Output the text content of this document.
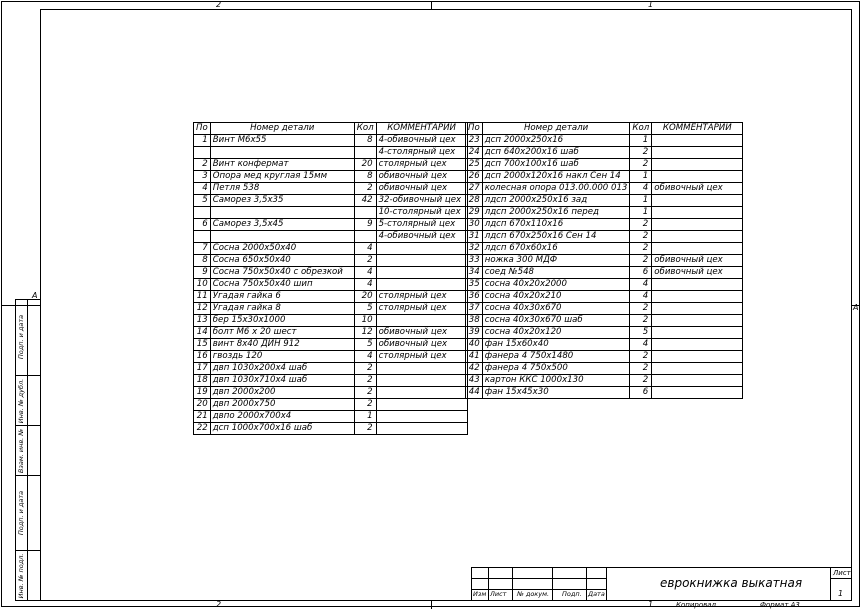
2	1
2	1
A
A
Подп. и дата
Инв. № дубл.
Взам. инв. №
Подп. и дата
Инв. № подл.
По	Номер детали	Кол	КОММЕНТАРИИ
1	Винт М6х55	8	4-обивочный цех
			4-столярный цех
2	Винт конфермат	20	столярный цех
3	Опора мед круглая 15мм	8	обивочный цех
4	Петля 538	2	обивочный цех
5	Саморез 3,5х35	42	32-обивочный цех
			10-столярный цех
6	Саморез 3,5х45	9	5-столярный цех
			4-обивочный цех
7	Сосна 2000х50х40	4	
8	Сосна 650х50х40	2	
9	Сосна 750х50х40 с обрезкой	4	
10	Сосна 750х50х40 шип	4	
11	Угадая гайка 6	20	столярный цех
12	Угадая гайка 8	5	столярный цех
13	бер 15х30х1000	10	
14	болт М6 х 20 шест	12	обивочный цех
15	винт 8х40 ДИН 912	5	обивочный цех
16	гвоздь 120	4	столярный цех
17	двп 1030х200х4 шаб	2	
18	двп 1030х710х4 шаб	2	
19	двп 2000х200	2	
20	двп 2000х750	2	
21	двпо 2000х700х4	1	
22	дсп 1000х700х16 шаб	2	
По	Номер детали	Кол	КОММЕНТАРИИ
23	дсп 2000х250х16	1	
24	дсп 640х200х16 шаб	2	
25	дсп 700х100х16 шаб	2	
26	дсп 2000х120х16 накл Сен 14	1	
27	колесная опора 013.00.000 013	4	обивочный цех
28	лдсп 2000х250х16 зад	1	
29	лдсп 2000х250х16 перед	1	
30	лдсп 670х110х16	2	
31	лдсп 670х250х16 Сен 14	2	
32	лдсп 670х60х16	2	
33	ножка 300 МДФ	2	обивочный цех
34	соед №548	6	обивочный цех
35	сосна 40х20х2000	4	
36	сосна 40х20х210	4	
37	сосна 40х30х670	2	
38	сосна 40х30х670 шаб	2	
39	сосна 40х20х120	5	
40	фан 15х60х40	4	
41	фанера 4 750х1480	2	
42	фанера 4 750х500	2	
43	картон ККС 1000х130	2	
44	фан 15х45х30	6	
Изм Лист № докум. Подп. Дата
еврокнижка выкатная
Лист
1
Копировал	Формат А3
